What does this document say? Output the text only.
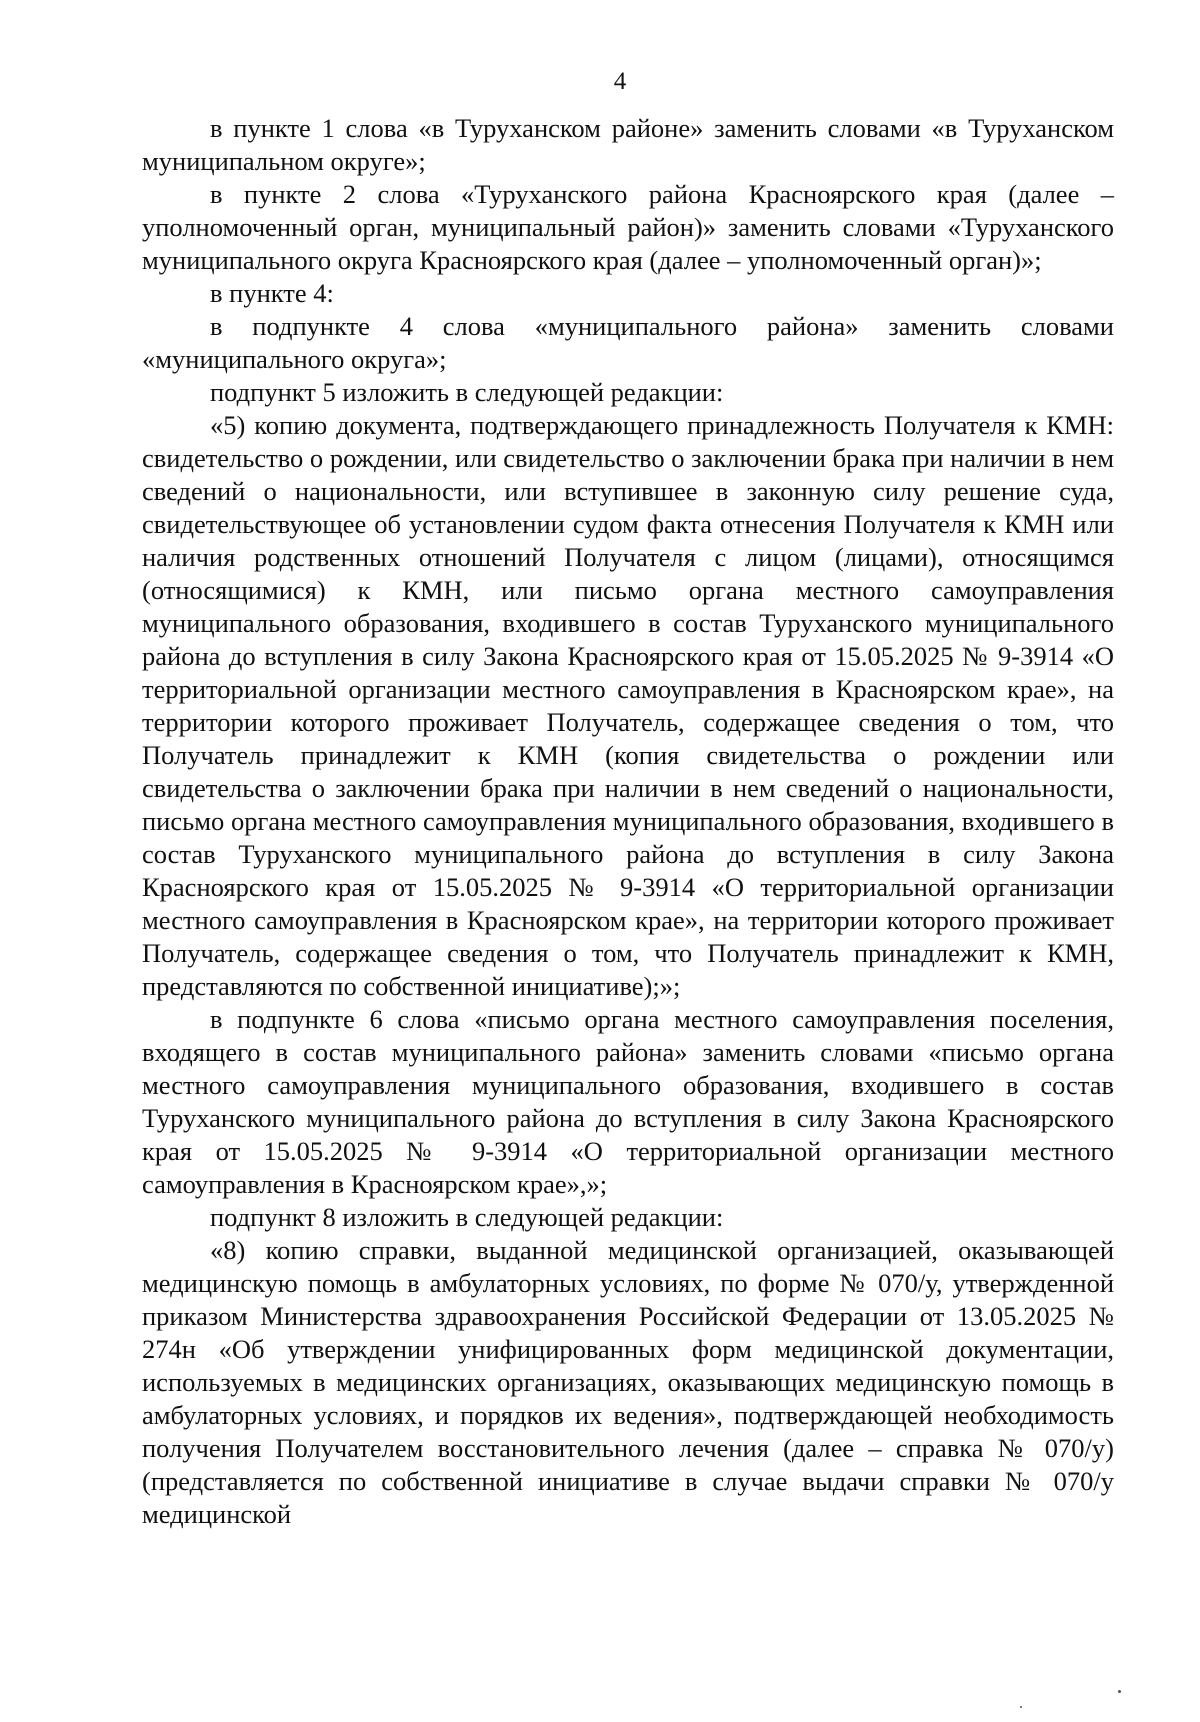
4

в пункте 1 слова «в Туруханском районе» заменить словами «в Туруханском муниципальном округе»;

в пункте 2 слова «Туруханского района Красноярского края (далее – уполномоченный орган, муниципальный район)» заменить словами «Туруханского муниципального округа Красноярского края (далее – уполномоченный орган)»;

в пункте 4:

в подпункте 4 слова «муниципального района» заменить словами «муниципального округа»;

подпункт 5 изложить в следующей редакции:

«5) копию документа, подтверждающего принадлежность Получателя к КМН: свидетельство о рождении, или свидетельство о заключении брака при наличии в нем сведений о национальности, или вступившее в законную силу решение суда, свидетельствующее об установлении судом факта отнесения Получателя к КМН или наличия родственных отношений Получателя с лицом (лицами), относящимся (относящимися) к КМН, или письмо органа местного самоуправления муниципального образования, входившего в состав Туруханского муниципального района до вступления в силу Закона Красноярского края от 15.05.2025 № 9-3914 «О территориальной организации местного самоуправления в Красноярском крае», на территории которого проживает Получатель, содержащее сведения о том, что Получатель принадлежит к КМН (копия свидетельства о рождении или свидетельства о заключении брака при наличии в нем сведений о национальности, письмо органа местного самоуправления муниципального образования, входившего в состав Туруханского муниципального района до вступления в силу Закона Красноярского края от 15.05.2025 № 9-3914 «О территориальной организации местного самоуправления в Красноярском крае», на территории которого проживает Получатель, содержащее сведения о том, что Получатель принадлежит к КМН, представляются по собственной инициативе);»;

в подпункте 6 слова «письмо органа местного самоуправления поселения, входящего в состав муниципального района» заменить словами «письмо органа местного самоуправления муниципального образования, входившего в состав Туруханского муниципального района до вступления в силу Закона Красноярского края от 15.05.2025 № 9-3914 «О территориальной организации местного самоуправления в Красноярском крае»,»;

подпункт 8 изложить в следующей редакции:

«8) копию справки, выданной медицинской организацией, оказывающей медицинскую помощь в амбулаторных условиях, по форме № 070/у, утвержденной приказом Министерства здравоохранения Российской Федерации от 13.05.2025 № 274н «Об утверждении унифицированных форм медицинской документации, используемых в медицинских организациях, оказывающих медицинскую помощь в амбулаторных условиях, и порядков их ведения», подтверждающей необходимость получения Получателем восстановительного лечения (далее – справка № 070/у) (представляется по собственной инициативе в случае выдачи справки № 070/у медицинской
